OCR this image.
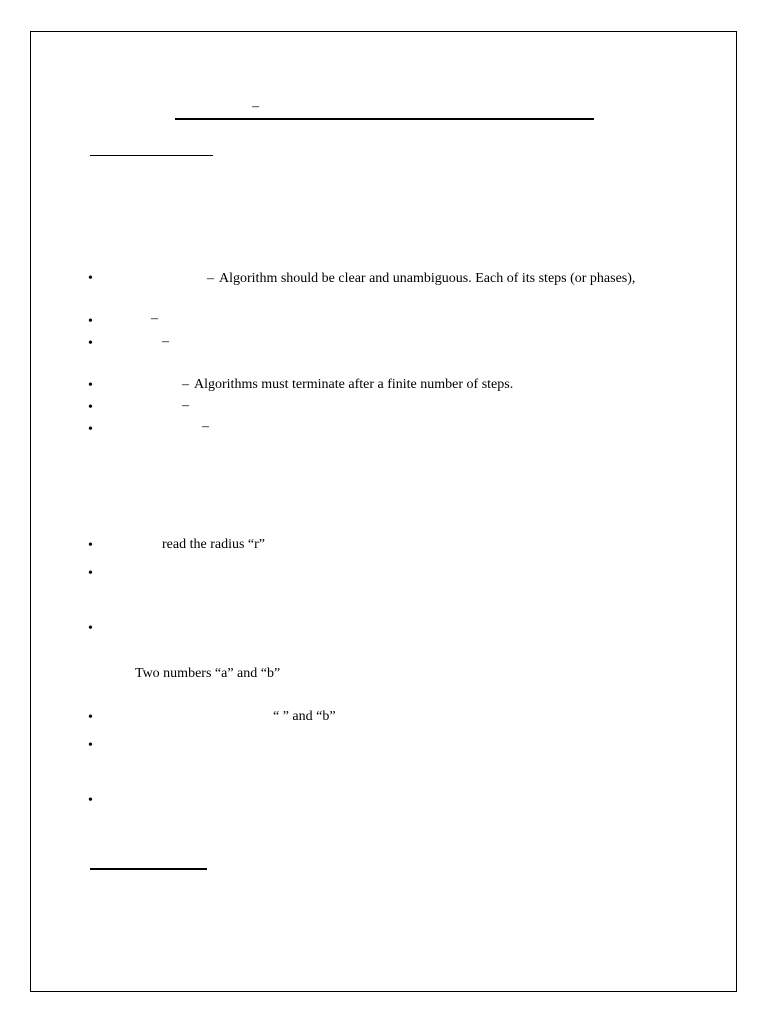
–
•	– Algorithm should be clear and unambiguous. Each of its steps (or phases),
•	–
•	–
•	– Algorithms must terminate after a finite number of steps.
•	–
•	–
•	read the radius “r”
•
•
Two numbers “a” and “b”
•	“ ” and “b”
•
•
